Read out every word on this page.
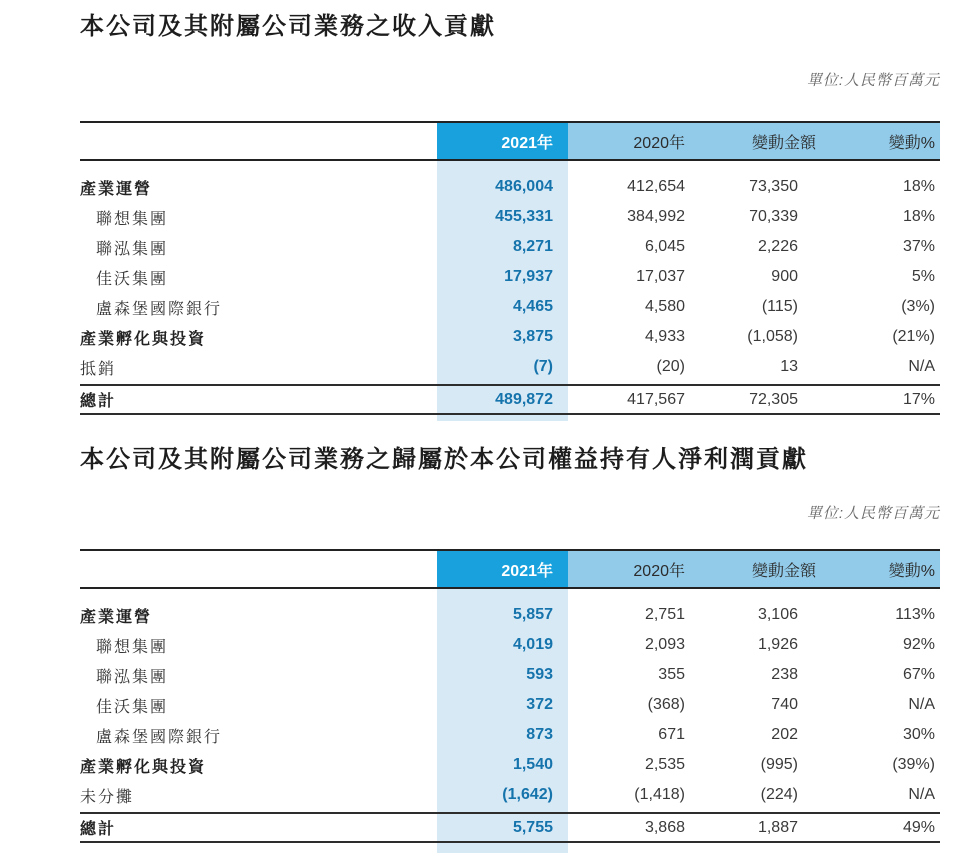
本公司及其附屬公司業務之收入貢獻
單位:人民幣百萬元
2021年	2020年	變動金額	變動%
產業運營	486,004	412,654	73,350	18%
聯想集團	455,331	384,992	70,339	18%
聯泓集團	8,271	6,045	2,226	37%
佳沃集團	17,937	17,037	900	5%
盧森堡國際銀行	4,465	4,580	(115)	(3%)
產業孵化與投資	3,875	4,933	(1,058)	(21%)
抵銷	(7)	(20)	13	N/A
總計	489,872	417,567	72,305	17%
本公司及其附屬公司業務之歸屬於本公司權益持有人淨利潤貢獻
單位:人民幣百萬元
2021年	2020年	變動金額	變動%
產業運營	5,857	2,751	3,106	113%
聯想集團	4,019	2,093	1,926	92%
聯泓集團	593	355	238	67%
佳沃集團	372	(368)	740	N/A
盧森堡國際銀行	873	671	202	30%
產業孵化與投資	1,540	2,535	(995)	(39%)
未分攤	(1,642)	(1,418)	(224)	N/A
總計	5,755	3,868	1,887	49%
